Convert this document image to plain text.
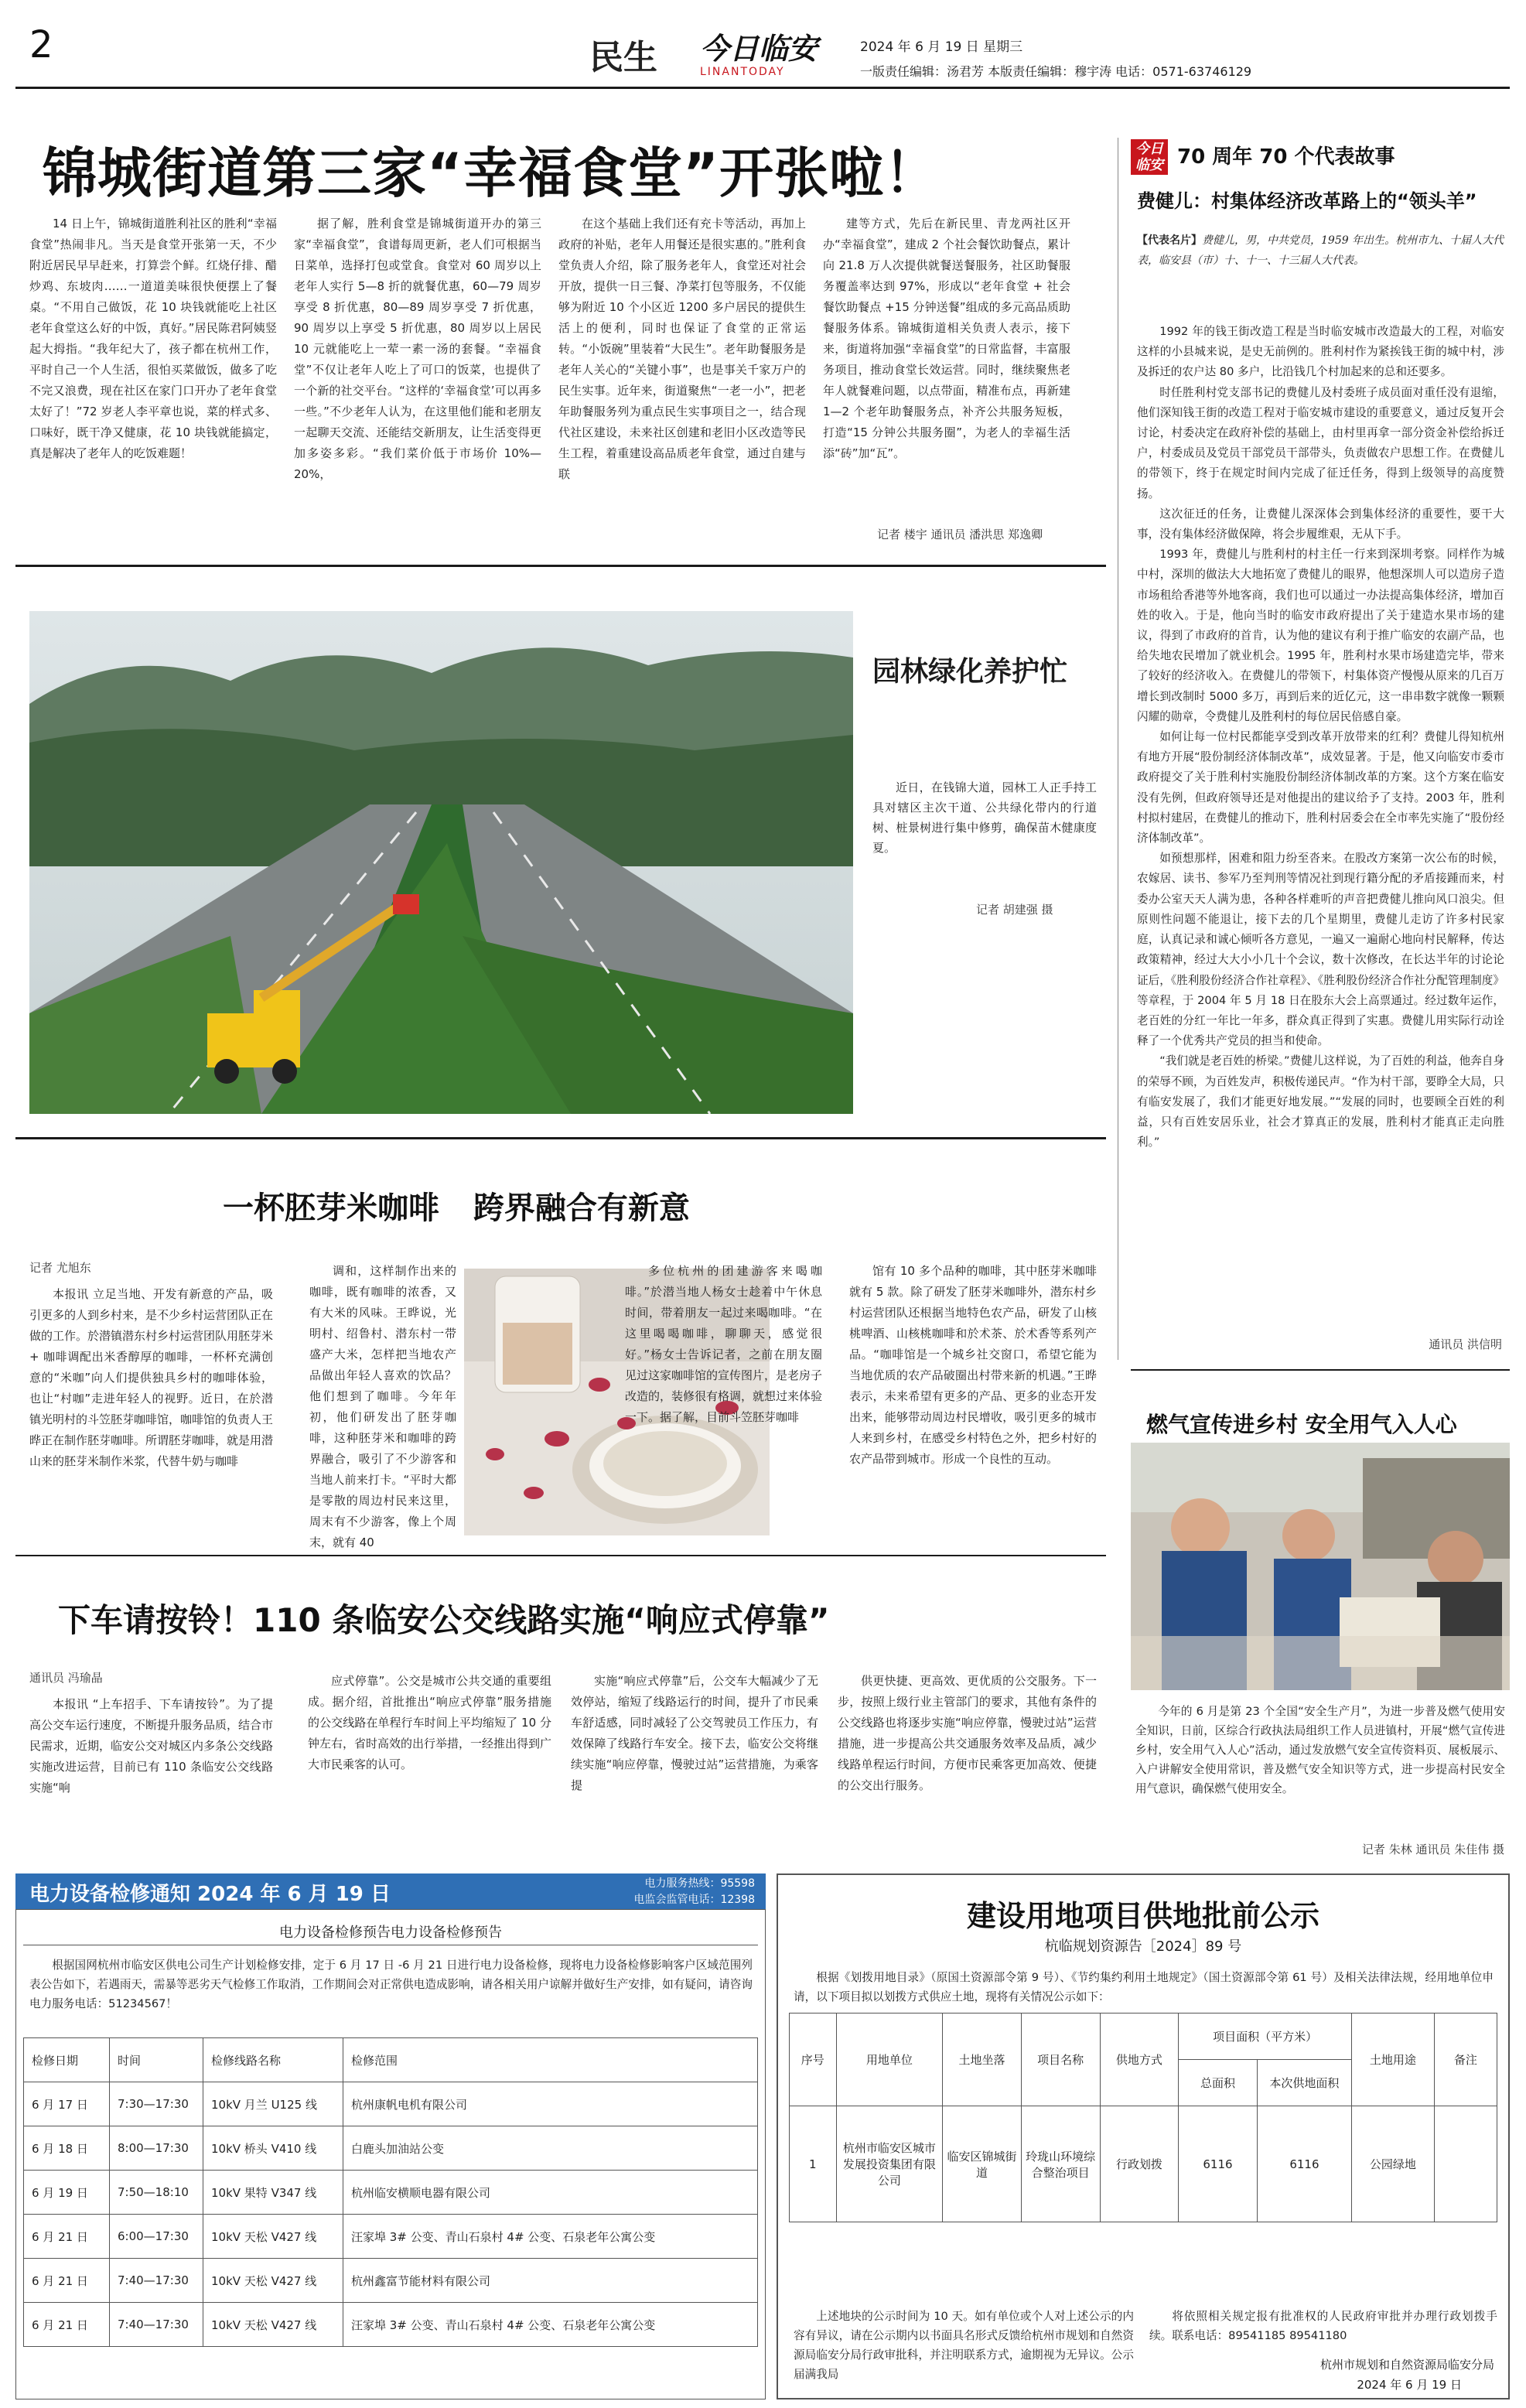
2	民生 今日临安
LINANTODAY
2024 年 6 月 19 日 星期三
一版责任编辑：汤君芳 本版责任编辑：穆宇涛 电话：0571-63746129
锦城街道第三家“幸福食堂”开张啦！

14 日上午，锦城街道胜利社区的胜利“幸福食堂”热闹非凡。当天是食堂开张第一天，不少附近居民早早赶来，打算尝个鲜。红烧仔排、醋炒鸡、东坡肉……一道道美味很快便摆上了餐桌。“不用自己做饭，花 10 块钱就能吃上社区老年食堂这么好的中饭，真好。”居民陈君阿姨竖起大拇指。“我年纪大了，孩子都在杭州工作，平时自己一个人生活，很怕买菜做饭，做多了吃不完又浪费，现在社区在家门口开办了老年食堂太好了！”72 岁老人李平章也说，菜的样式多、口味好，既干净又健康，花 10 块钱就能搞定，真是解决了老年人的吃饭难题！

据了解，胜利食堂是锦城街道开办的第三家“幸福食堂”，食谱每周更新，老人们可根据当日菜单，选择打包或堂食。食堂对 60 周岁以上老年人实行 5—8 折的就餐优惠，60—79 周岁享受 8 折优惠，80—89 周岁享受 7 折优惠，90 周岁以上享受 5 折优惠，80 周岁以上居民 10 元就能吃上一荤一素一汤的套餐。“幸福食堂”不仅让老年人吃上了可口的饭菜，也提供了一个新的社交平台。“这样的‘幸福食堂’可以再多一些。”不少老年人认为，在这里他们能和老朋友一起聊天交流、还能结交新朋友，让生活变得更加多姿多彩。“我们菜价低于市场价 10%—20%，

在这个基础上我们还有充卡等活动，再加上政府的补贴，老年人用餐还是很实惠的。”胜利食堂负责人介绍，除了服务老年人，食堂还对社会开放，提供一日三餐、净菜打包等服务，不仅能够为附近 10 个小区近 1200 多户居民的提供生活上的便利，同时也保证了食堂的正常运转。“小饭碗”里装着“大民生”。老年助餐服务是老年人关心的“关键小事”，也是事关千家万户的民生实事。近年来，街道聚焦“一老一小”，把老年助餐服务列为重点民生实事项目之一，结合现代社区建设，未来社区创建和老旧小区改造等民生工程，着重建设高品质老年食堂，通过自建与联

建等方式，先后在新民里、青龙两社区开办“幸福食堂”，建成 2 个社会餐饮助餐点，累计向 21.8 万人次提供就餐送餐服务，社区助餐服务覆盖率达到 97%，形成以“老年食堂 + 社会餐饮助餐点 +15 分钟送餐”组成的多元高品质助餐服务体系。锦城街道相关负责人表示，接下来，街道将加强“幸福食堂”的日常监督，丰富服务项目，推动食堂长效运营。同时，继续聚焦老年人就餐难问题，以点带面，精准布点，再新建 1—2 个老年助餐服务点，补齐公共服务短板，打造“15 分钟公共服务圈”，为老人的幸福生活添“砖”加“瓦”。

记者 楼宇 通讯员 潘洪思 郑逸卿
园林绿化养护忙

近日，在钱锦大道，园林工人正手持工具对辖区主次干道、公共绿化带内的行道树、桩景树进行集中修剪，确保苗木健康度夏。

记者 胡建强 摄
一杯胚芽米咖啡 跨界融合有新意
记者 尤旭东

本报讯 立足当地、开发有新意的产品，吸引更多的人到乡村来，是不少乡村运营团队正在做的工作。於潜镇潜东村乡村运营团队用胚芽米 + 咖啡调配出米香醇厚的咖啡，一杯杯充满创意的“米咖”向人们提供独具乡村的咖啡体验，也让“村咖”走进年轻人的视野。近日，在於潜镇光明村的斗笠胚芽咖啡馆，咖啡馆的负责人王晔正在制作胚芽咖啡。所谓胚芽咖啡，就是用潜山来的胚芽米制作米浆，代替牛奶与咖啡

调和，这样制作出来的咖啡，既有咖啡的浓香，又有大米的风味。王晔说，光明村、绍鲁村、潜东村一带盛产大米，怎样把当地农产品做出年轻人喜欢的饮品？他们想到了咖啡。今年年初，他们研发出了胚芽咖啡，这种胚芽米和咖啡的跨界融合，吸引了不少游客和当地人前来打卡。“平时大都是零散的周边村民来这里，周末有不少游客，像上个周末，就有 40

多位杭州的团建游客来喝咖啡。”於潜当地人杨女士趁着中午休息时间，带着朋友一起过来喝咖啡。“在这里喝喝咖啡，聊聊天，感觉很好。”杨女士告诉记者，之前在朋友圈见过这家咖啡馆的宣传图片，是老房子改造的，装修很有格调，就想过来体验一下。据了解，目前斗笠胚芽咖啡

馆有 10 多个品种的咖啡，其中胚芽米咖啡就有 5 款。除了研发了胚芽米咖啡外，潜东村乡村运营团队还根据当地特色农产品，研发了山核桃啤酒、山核桃咖啡和於术茶、於术香等系列产品。“咖啡馆是一个城乡社交窗口，希望它能为当地优质的农产品破圈出村带来新的机遇。”王晔表示，未来希望有更多的产品、更多的业态开发出来，能够带动周边村民增收，吸引更多的城市人来到乡村，在感受乡村特色之外，把乡村好的农产品带到城市。形成一个良性的互动。

下车请按铃！110 条临安公交线路实施“响应式停靠”
通讯员 冯瑜晶

本报讯 “上车招手、下车请按铃”。为了提高公交车运行速度，不断提升服务品质，结合市民需求，近期，临安公交对城区内多条公交线路实施改进运营，目前已有 110 条临安公交线路实施“响

应式停靠”。公交是城市公共交通的重要组成。据介绍，首批推出“响应式停靠”服务措施的公交线路在单程行车时间上平均缩短了 10 分钟左右，省时高效的出行举措，一经推出得到广大市民乘客的认可。

实施“响应式停靠”后，公交车大幅减少了无效停站，缩短了线路运行的时间，提升了市民乘车舒适感，同时减轻了公交驾驶员工作压力，有效保障了线路行车安全。接下去，临安公交将继续实施“响应停靠，慢驶过站”运营措施，为乘客提

供更快捷、更高效、更优质的公交服务。下一步，按照上级行业主管部门的要求，其他有条件的公交线路也将逐步实施“响应停靠，慢驶过站”运营措施，进一步提高公共交通服务效率及品质，减少线路单程运行时间，方便市民乘客更加高效、便捷的公交出行服务。

今日临安 70 周年 70 个代表故事
费健儿：村集体经济改革路上的“领头羊”
【代表名片】费健儿，男，中共党员，1959 年出生。杭州市九、十届人大代表，临安县（市）十、十一、十三届人大代表。

1992 年的钱王街改造工程是当时临安城市改造最大的工程，对临安这样的小县城来说，是史无前例的。胜利村作为紧挨钱王街的城中村，涉及拆迁的农户达 80 多户，比沿钱几个村加起来的总和还要多。

时任胜利村党支部书记的费健儿及村委班子成员面对重任没有退缩，他们深知钱王街的改造工程对于临安城市建设的重要意义，通过反复开会讨论，村委决定在政府补偿的基础上，由村里再拿一部分资金补偿给拆迁户，村委成员及党员干部党员干部带头，负责做农户思想工作。在费健儿的带领下，终于在规定时间内完成了征迁任务，得到上级领导的高度赞扬。

这次征迁的任务，让费健儿深深体会到集体经济的重要性，要干大事，没有集体经济做保障，将会步履维艰，无从下手。

1993 年，费健儿与胜利村的村主任一行来到深圳考察。同样作为城中村，深圳的做法大大地拓宽了费健儿的眼界，他想深圳人可以造房子造市场租给香港等外地客商，我们也可以通过一办法提高集体经济，增加百姓的收入。于是，他向当时的临安市政府提出了关于建造水果市场的建议，得到了市政府的首肯，认为他的建议有利于推广临安的农副产品，也给失地农民增加了就业机会。1995 年，胜利村水果市场建造完毕，带来了较好的经济收入。在费健儿的带领下，村集体资产慢慢从原来的几百万增长到改制时 5000 多万，再到后来的近亿元，这一串串数字就像一颗颗闪耀的勋章，令费健儿及胜利村的每位居民倍感自豪。

如何让每一位村民都能享受到改革开放带来的红利？费健儿得知杭州有地方开展“股份制经济体制改革”，成效显著。于是，他又向临安市委市政府提交了关于胜利村实施股份制经济体制改革的方案。这个方案在临安没有先例，但政府领导还是对他提出的建议给予了支持。2003 年，胜利村拟村建居，在费健儿的推动下，胜利村居委会在全市率先实施了“股份经济体制改革”。

如预想那样，困难和阻力纷至沓来。在股改方案第一次公布的时候，农嫁居、读书、参军乃至判刑等情况社到现行籍分配的矛盾接踵而来，村委办公室天天人满为患，各种各样难听的声音把费健儿推向风口浪尖。但原则性问题不能退让，接下去的几个星期里，费健儿走访了许多村民家庭，认真记录和诚心倾听各方意见，一遍又一遍耐心地向村民解释，传达政策精神，经过大大小小几十个会议，数十次修改，在长达半年的讨论论证后，《胜利股份经济合作社章程》、《胜利股份经济合作社分配管理制度》等章程，于 2004 年 5 月 18 日在股东大会上高票通过。经过数年运作，老百姓的分红一年比一年多，群众真正得到了实惠。费健儿用实际行动诠释了一个优秀共产党员的担当和使命。

“我们就是老百姓的桥梁。”费健儿这样说，为了百姓的利益，他奔自身的荣辱不顾，为百姓发声，积极传递民声。“作为村干部，要睁全大局，只有临安发展了，我们才能更好地发展。”“发展的同时，也要顾全百姓的利益，只有百姓安居乐业，社会才算真正的发展，胜利村才能真正走向胜利。”

通讯员 洪信明
燃气宣传进乡村 安全用气入人心

今年的 6 月是第 23 个全国“安全生产月”，为进一步普及燃气使用安全知识，日前，区综合行政执法局组织工作人员进镇村，开展“燃气宣传进乡村，安全用气入人心”活动，通过发放燃气安全宣传资料页、展板展示、入户讲解安全使用常识，普及燃气安全知识等方式，进一步提高村民安全用气意识，确保燃气使用安全。

记者 朱林 通讯员 朱佳伟 摄
电力设备检修通知 2024 年 6 月 19 日	电力服务热线：95598
电监会监管电话：12398
电力设备检修预告电力设备检修预告

根据国网杭州市临安区供电公司生产计划检修安排，定于 6 月 17 日 -6 月 21 日进行电力设备检修，现将电力设备检修影响客户区域范围列表公告如下，若遇雨天，需暴等恶劣天气检修工作取消，工作期间会对正常供电造成影响，请各相关用户谅解并做好生产安排，如有疑问，请咨询电力服务电话：51234567！

检修日期	时间	检修线路名称	检修范围
6 月 17 日	7:30—17:30	10kV 月兰 U125 线	杭州康帆电机有限公司
6 月 18 日	8:00—17:30	10kV 桥头 V410 线	白鹿头加油站公变
6 月 19 日	7:50—18:10	10kV 果特 V347 线	杭州临安横顺电器有限公司
6 月 21 日	6:00—17:30	10kV 天松 V427 线	汪家埠 3# 公变、青山石泉村 4# 公变、石泉老年公寓公变
6 月 21 日	7:40—17:30	10kV 天松 V427 线	杭州鑫富节能材料有限公司
6 月 21 日	7:40—17:30	10kV 天松 V427 线	汪家埠 3# 公变、青山石泉村 4# 公变、石泉老年公寓公变
建设用地项目供地批前公示
杭临规划资源告［2024］89 号

根据《划拨用地目录》（原国土资源部令第 9 号）、《节约集约利用土地规定》（国土资源部令第 61 号）及相关法律法规，经用地单位申请，以下项目拟以划拨方式供应土地，现将有关情况公示如下：

序号	用地单位	土地坐落	项目名称	供地方式	项目面积（平方米）		土地用途	备注
					总面积	本次供地面积		
1	杭州市临安区城市发展投资集团有限公司	临安区锦城街道	玲珑山环境综合整治项目	行政划拨	6116	6116	公园绿地	

上述地块的公示时间为 10 天。如有单位或个人对上述公示的内容有异议，请在公示期内以书面具名形式反馈给杭州市规划和自然资源局临安分局行政审批科，并注明联系方式，逾期视为无异议。公示届满我局

将依照相关规定报有批准权的人民政府审批并办理行政划拨手续。联系电话：89541185 89541180

杭州市规划和自然资源局临安分局
2024 年 6 月 19 日
